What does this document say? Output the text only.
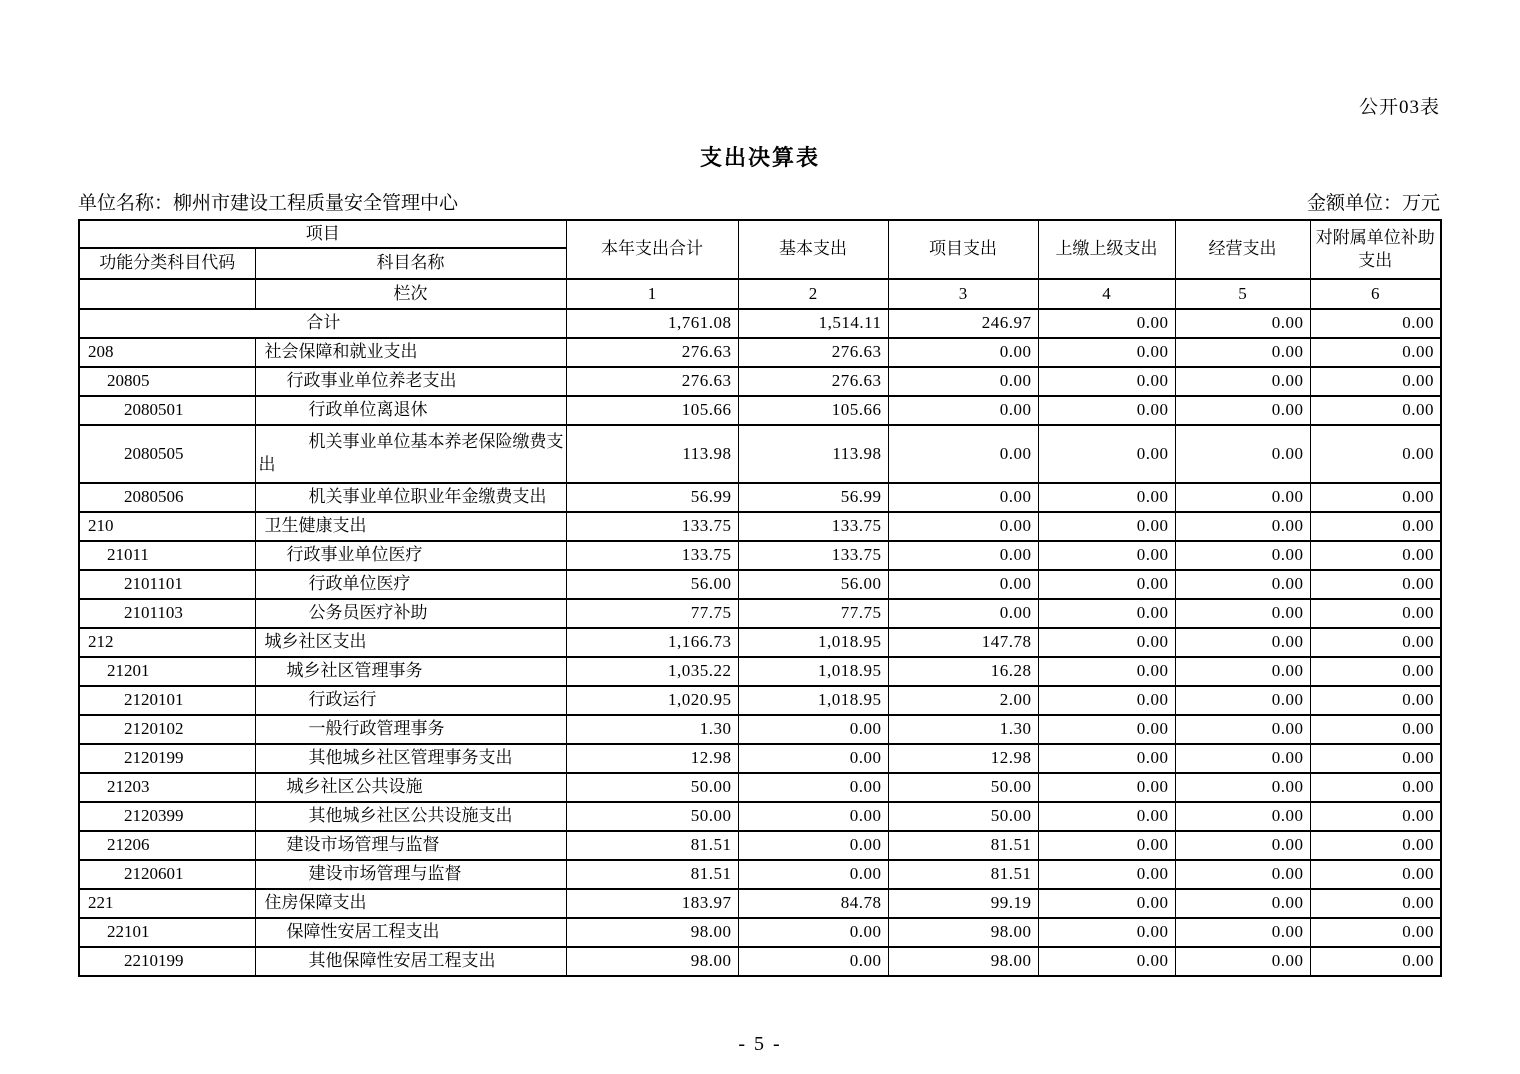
公开03表
支出决算表
单位名称：柳州市建设工程质量安全管理中心	金额单位：万元
项目		本年支出合计	基本支出	项目支出	上缴上级支出	经营支出	对附属单位补助支出
功能分类科目代码	科目名称						
	栏次	1	2	3	4	5	6
合计		1,761.08	1,514.11	246.97	0.00	0.00	0.00
208	社会保障和就业支出	276.63	276.63	0.00	0.00	0.00	0.00
20805	行政事业单位养老支出	276.63	276.63	0.00	0.00	0.00	0.00
2080501	行政单位离退休	105.66	105.66	0.00	0.00	0.00	0.00
2080505	机关事业单位基本养老保险缴费支出	113.98	113.98	0.00	0.00	0.00	0.00
2080506	机关事业单位职业年金缴费支出	56.99	56.99	0.00	0.00	0.00	0.00
210	卫生健康支出	133.75	133.75	0.00	0.00	0.00	0.00
21011	行政事业单位医疗	133.75	133.75	0.00	0.00	0.00	0.00
2101101	行政单位医疗	56.00	56.00	0.00	0.00	0.00	0.00
2101103	公务员医疗补助	77.75	77.75	0.00	0.00	0.00	0.00
212	城乡社区支出	1,166.73	1,018.95	147.78	0.00	0.00	0.00
21201	城乡社区管理事务	1,035.22	1,018.95	16.28	0.00	0.00	0.00
2120101	行政运行	1,020.95	1,018.95	2.00	0.00	0.00	0.00
2120102	一般行政管理事务	1.30	0.00	1.30	0.00	0.00	0.00
2120199	其他城乡社区管理事务支出	12.98	0.00	12.98	0.00	0.00	0.00
21203	城乡社区公共设施	50.00	0.00	50.00	0.00	0.00	0.00
2120399	其他城乡社区公共设施支出	50.00	0.00	50.00	0.00	0.00	0.00
21206	建设市场管理与监督	81.51	0.00	81.51	0.00	0.00	0.00
2120601	建设市场管理与监督	81.51	0.00	81.51	0.00	0.00	0.00
221	住房保障支出	183.97	84.78	99.19	0.00	0.00	0.00
22101	保障性安居工程支出	98.00	0.00	98.00	0.00	0.00	0.00
2210199	其他保障性安居工程支出	98.00	0.00	98.00	0.00	0.00	0.00
- 5 -
